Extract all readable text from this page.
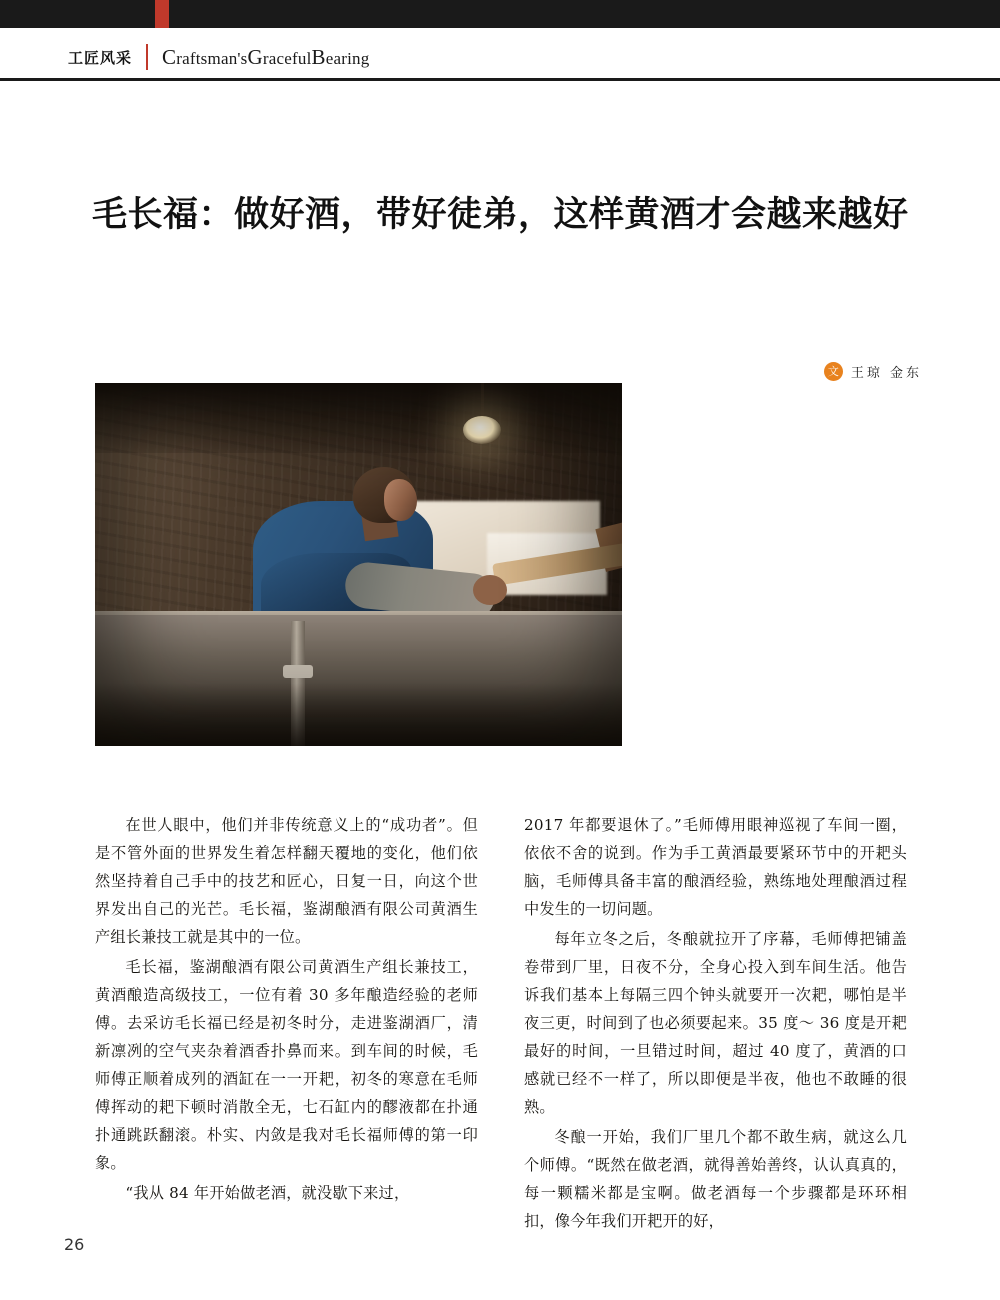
工匠风采 Craftsman'sGracefulBearing
毛长福：做好酒，带好徒弟，这样黄酒才会越来越好
文 王琼 金东

在世人眼中，他们并非传统意义上的“成功者”。但是不管外面的世界发生着怎样翻天覆地的变化，他们依然坚持着自己手中的技艺和匠心，日复一日，向这个世界发出自己的光芒。毛长福，鉴湖酿酒有限公司黄酒生产组长兼技工就是其中的一位。

毛长福，鉴湖酿酒有限公司黄酒生产组长兼技工，黄酒酿造高级技工，一位有着 30 多年酿造经验的老师傅。去采访毛长福已经是初冬时分，走进鉴湖酒厂，清新凛冽的空气夹杂着酒香扑鼻而来。到车间的时候，毛师傅正顺着成列的酒缸在一一开耙，初冬的寒意在毛师傅挥动的耙下顿时消散全无，七石缸内的醪液都在扑通扑通跳跃翻滚。朴实、内敛是我对毛长福师傅的第一印象。

“我从 84 年开始做老酒，就没歇下来过，

2017 年都要退休了。”毛师傅用眼神巡视了车间一圈，依依不舍的说到。作为手工黄酒最要紧环节中的开耙头脑，毛师傅具备丰富的酿酒经验，熟练地处理酿酒过程中发生的一切问题。

每年立冬之后，冬酿就拉开了序幕，毛师傅把铺盖卷带到厂里，日夜不分，全身心投入到车间生活。他告诉我们基本上每隔三四个钟头就要开一次耙，哪怕是半夜三更，时间到了也必须要起来。35 度～ 36 度是开耙最好的时间，一旦错过时间，超过 40 度了，黄酒的口感就已经不一样了，所以即便是半夜，他也不敢睡的很熟。

冬酿一开始，我们厂里几个都不敢生病，就这么几个师傅。“既然在做老酒，就得善始善终，认认真真的，每一颗糯米都是宝啊。做老酒每一个步骤都是环环相扣，像今年我们开耙开的好，

26
